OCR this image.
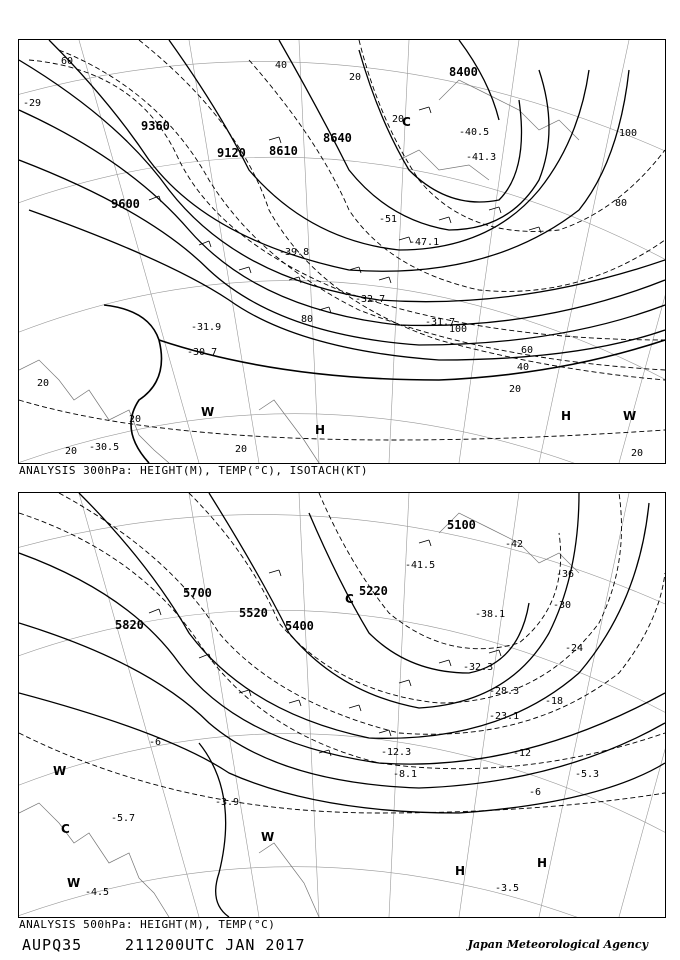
9360
9120
8640
8400
9600
8610
60	40
20
20
100
80
100
60
40
20
20
20
20	20	20
80
H
H
W	W
C
-41.3
-40.5
-51
-47.1
-31.7
-32.7
-31.9
-30.7
-30.5
-29
-39.8
ANALYSIS 300hPa: HEIGHT(M), TEMP(°C), ISOTACH(KT)
5100
5700
5820
5220
5400
5520
-36
-30
-24
-18
-12
-6
-42
-6
H
H
W
W
W
C
C
-41.5
-38.1
-32.3
-28.3
-23.1
-12.3
-8.1	-5.3
-3.5
-4.5
-3.9
-5.7
ANALYSIS 500hPa: HEIGHT(M), TEMP(°C)
AUPQ35	211200UTC JAN 2017	Japan Meteorological Agency
